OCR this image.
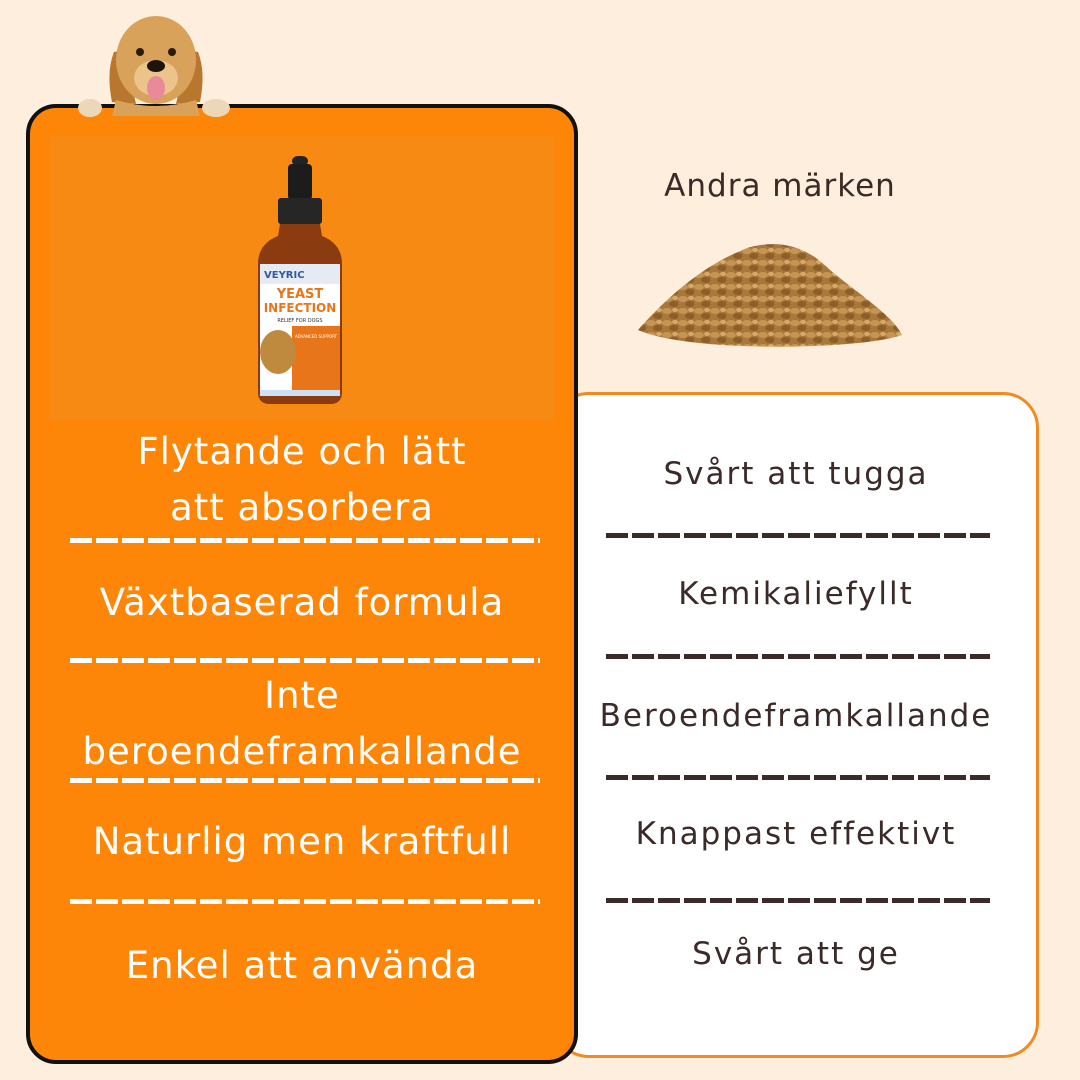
Svårt att tugga
Kemikaliefyllt
Beroendeframkallande
Knappast effektivt
Svårt att ge
Andra märken
VEYRIC
YEAST
INFECTION
RELIEF FOR DOGS
ADVANCED SUPPORT
Flytande och lätt
att absorbera
Växtbaserad formula
Inte
beroendeframkallande
Naturlig men kraftfull
Enkel att använda
